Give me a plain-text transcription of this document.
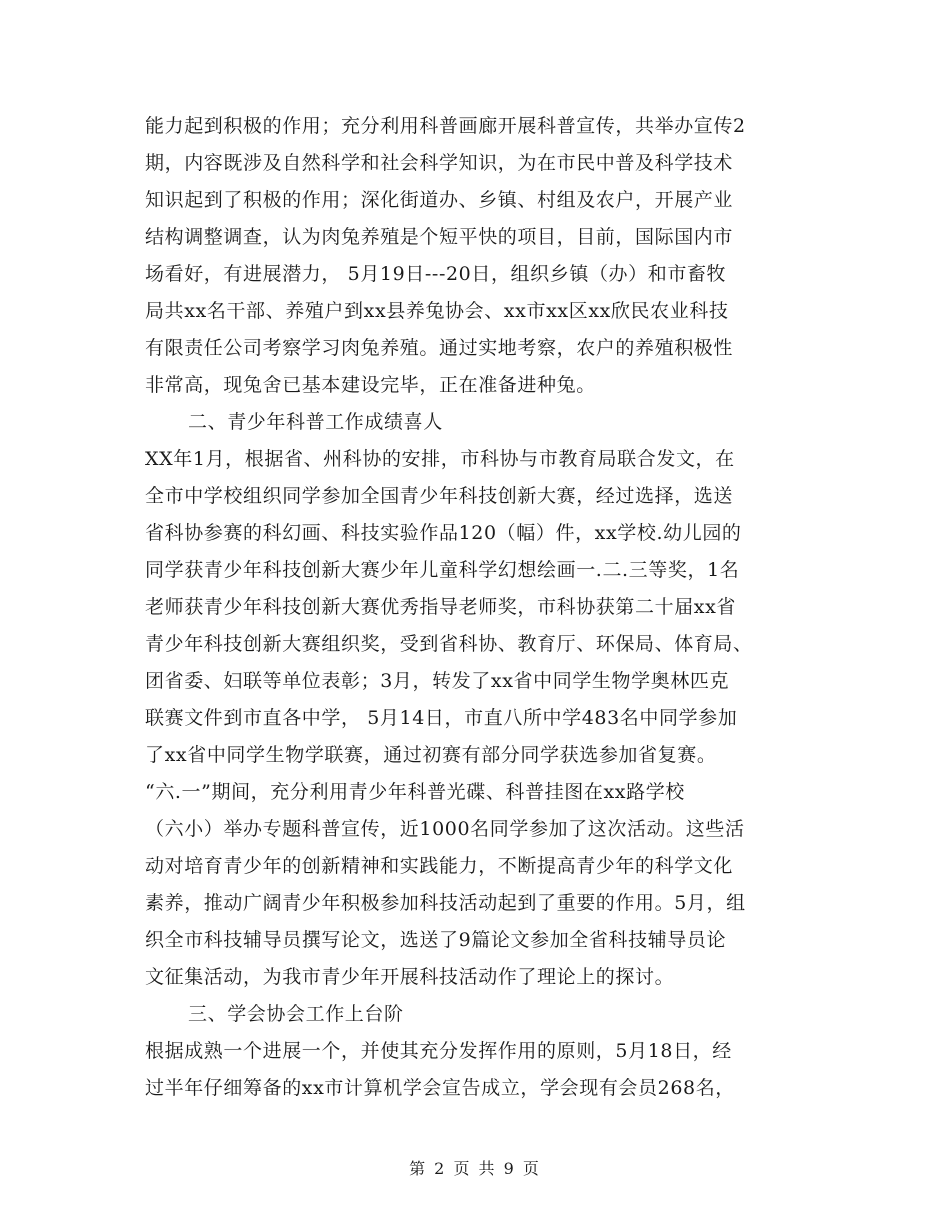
能力起到积极的作用；充分利用科普画廊开展科普宣传，共举办宣传2
期，内容既涉及自然科学和社会科学知识，为在市民中普及科学技术
知识起到了积极的作用；深化街道办、乡镇、村组及农户，开展产业
结构调整调查，认为肉兔养殖是个短平快的项目，目前，国际国内市
场看好，有进展潜力， 5月19日---20日，组织乡镇（办）和市畜牧
局共xx名干部、养殖户到xx县养兔协会、xx市xx区xx欣民农业科技
有限责任公司考察学习肉兔养殖。通过实地考察，农户的养殖积极性
非常高，现兔舍已基本建设完毕，正在准备进种兔。
二、青少年科普工作成绩喜人
XX年1月，根据省、州科协的安排，市科协与市教育局联合发文，在
全市中学校组织同学参加全国青少年科技创新大赛，经过选择，选送
省科协参赛的科幻画、科技实验作品120（幅）件，xx学校.幼儿园的
同学获青少年科技创新大赛少年儿童科学幻想绘画一.二.三等奖，1名
老师获青少年科技创新大赛优秀指导老师奖，市科协获第二十届xx省
青少年科技创新大赛组织奖，受到省科协、教育厅、环保局、体育局、
团省委、妇联等单位表彰；3月，转发了xx省中同学生物学奥林匹克
联赛文件到市直各中学， 5月14日，市直八所中学483名中同学参加
了xx省中同学生物学联赛，通过初赛有部分同学获选参加省复赛。
“六.一”期间，充分利用青少年科普光碟、科普挂图在xx路学校
（六小）举办专题科普宣传，近1000名同学参加了这次活动。这些活
动对培育青少年的创新精神和实践能力，不断提高青少年的科学文化
素养，推动广阔青少年积极参加科技活动起到了重要的作用。5月，组
织全市科技辅导员撰写论文，选送了9篇论文参加全省科技辅导员论
文征集活动，为我市青少年开展科技活动作了理论上的探讨。
三、学会协会工作上台阶
根据成熟一个进展一个，并使其充分发挥作用的原则，5月18日，经
过半年仔细筹备的xx市计算机学会宣告成立，学会现有会员268名，
第 2 页 共 9 页
